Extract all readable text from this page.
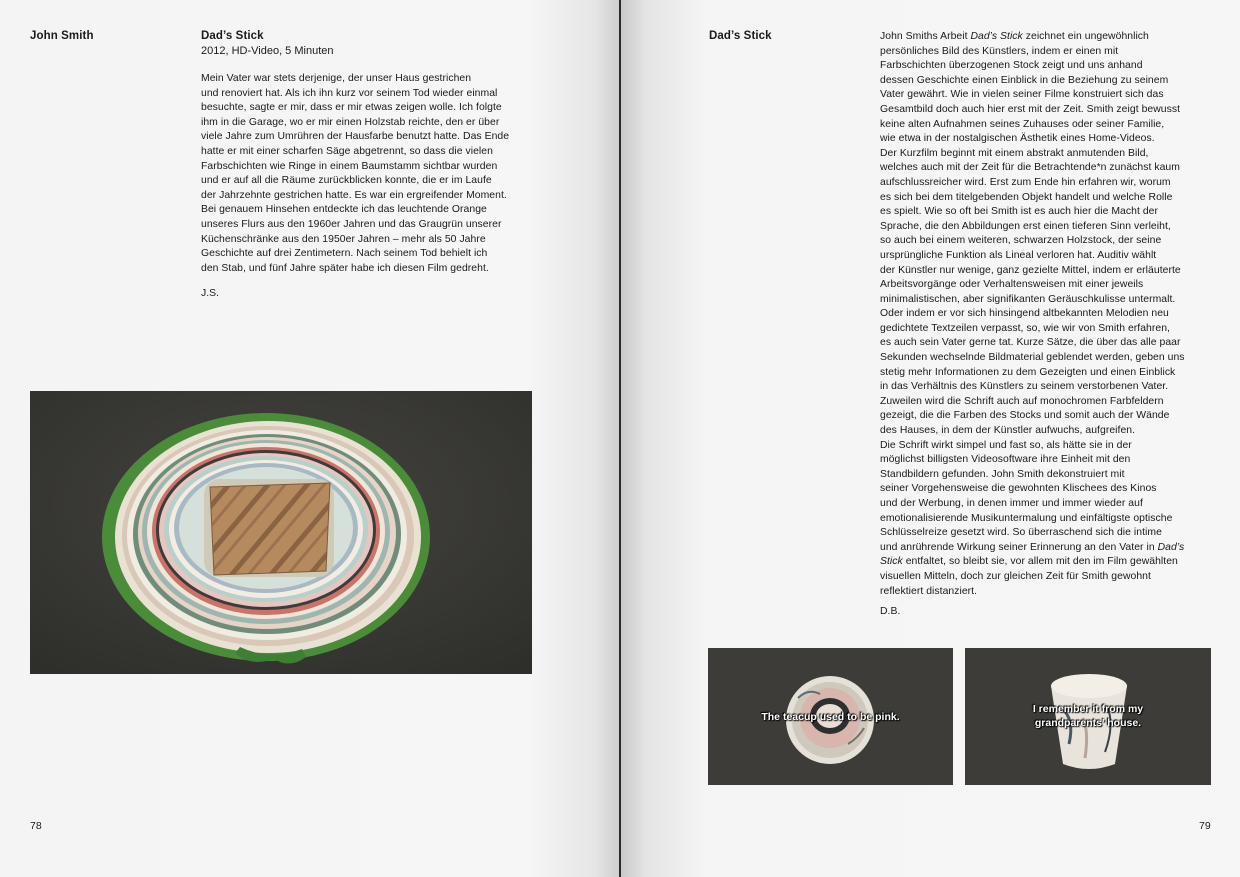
John Smith	Dad’s Stick
2012, HD-Video, 5 Minuten

Mein Vater war stets derjenige, der unser Haus gestrichen

und renoviert hat. Als ich ihn kurz vor seinem Tod wieder einmal

besuchte, sagte er mir, dass er mir etwas zeigen wolle. Ich folgte

ihm in die Garage, wo er mir einen Holzstab reichte, den er über

viele Jahre zum Umrühren der Hausfarbe benutzt hatte. Das Ende

hatte er mit einer scharfen Säge abgetrennt, so dass die vielen

Farbschichten wie Ringe in einem Baumstamm sichtbar wurden

und er auf all die Räume zurückblicken konnte, die er im Laufe

der Jahrzehnte gestrichen hatte. Es war ein ergreifender Moment.

Bei genauem Hinsehen entdeckte ich das leuchtende Orange

unseres Flurs aus den 1960er Jahren und das Graugrün unserer

Küchenschränke aus den 1950er Jahren – mehr als 50 Jahre

Geschichte auf drei Zentimetern. Nach seinem Tod behielt ich

den Stab, und fünf Jahre später habe ich diesen Film gedreht.

J.S.
78
Dad’s Stick	John Smiths Arbeit Dad’s Stick zeichnet ein ungewöhnlich

persönliches Bild des Künstlers, indem er einen mit

Farbschichten überzogenen Stock zeigt und uns anhand

dessen Geschichte einen Einblick in die Beziehung zu seinem

Vater gewährt. Wie in vielen seiner Filme konstruiert sich das

Gesamtbild doch auch hier erst mit der Zeit. Smith zeigt bewusst

keine alten Aufnahmen seines Zuhauses oder seiner Familie,

wie etwa in der nostalgischen Ästhetik eines Home-Videos.

Der Kurzfilm beginnt mit einem abstrakt anmutenden Bild,

welches auch mit der Zeit für die Betrachtende*n zunächst kaum

aufschlussreicher wird. Erst zum Ende hin erfahren wir, worum

es sich bei dem titelgebenden Objekt handelt und welche Rolle

es spielt. Wie so oft bei Smith ist es auch hier die Macht der

Sprache, die den Abbildungen erst einen tieferen Sinn verleiht,

so auch bei einem weiteren, schwarzen Holzstock, der seine

ursprüngliche Funktion als Lineal verloren hat. Auditiv wählt

der Künstler nur wenige, ganz gezielte Mittel, indem er erläuterte

Arbeitsvorgänge oder Verhaltensweisen mit einer jeweils

minimalistischen, aber signifikanten Geräuschkulisse untermalt.

Oder indem er vor sich hinsingend altbekannten Melodien neu

gedichtete Textzeilen verpasst, so, wie wir von Smith erfahren,

es auch sein Vater gerne tat. Kurze Sätze, die über das alle paar

Sekunden wechselnde Bildmaterial geblendet werden, geben uns

stetig mehr Informationen zu dem Gezeigten und einen Einblick

in das Verhältnis des Künstlers zu seinem verstorbenen Vater.

Zuweilen wird die Schrift auch auf monochromen Farbfeldern

gezeigt, die die Farben des Stocks und somit auch der Wände

des Hauses, in dem der Künstler aufwuchs, aufgreifen.

Die Schrift wirkt simpel und fast so, als hätte sie in der

möglichst billigsten Videosoftware ihre Einheit mit den

Standbildern gefunden. John Smith dekonstruiert mit

seiner Vorgehensweise die gewohnten Klischees des Kinos

und der Werbung, in denen immer und immer wieder auf

emotionalisierende Musikuntermalung und einfältigste optische

Schlüsselreize gesetzt wird. So überraschend sich die intime

und anrührende Wirkung seiner Erinnerung an den Vater in Dad’s

Stick entfaltet, so bleibt sie, vor allem mit den im Film gewählten

visuellen Mitteln, doch zur gleichen Zeit für Smith gewohnt

reflektiert distanziert.

D.B.
The teacup used to be pink.
I remember it from my
grandparents’ house.
79
